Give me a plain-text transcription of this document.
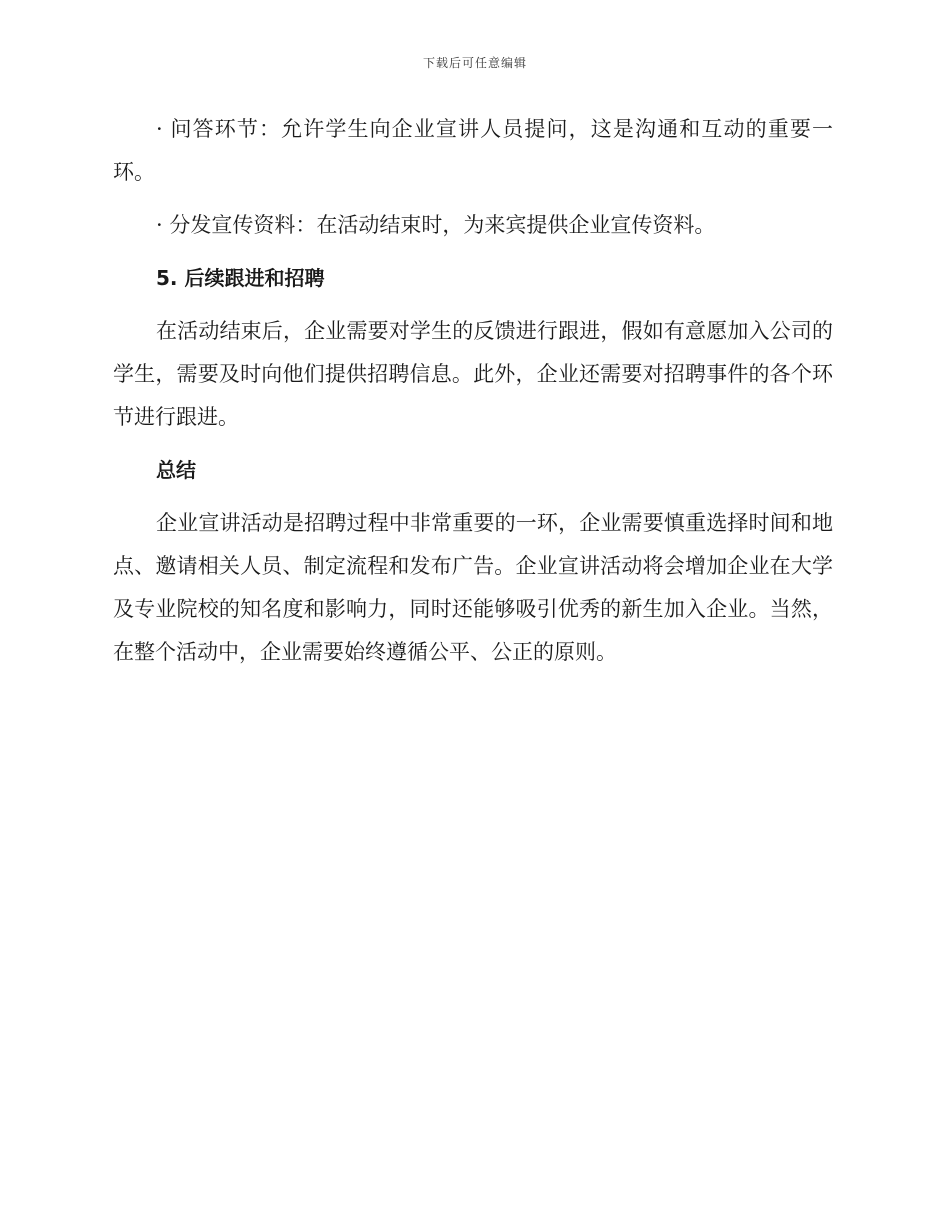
下载后可任意编辑

· 问答环节：允许学生向企业宣讲人员提问，这是沟通和互动的重要一环。

· 分发宣传资料：在活动结束时，为来宾提供企业宣传资料。

5. 后续跟进和招聘

在活动结束后，企业需要对学生的反馈进行跟进，假如有意愿加入公司的学生，需要及时向他们提供招聘信息。此外，企业还需要对招聘事件的各个环节进行跟进。

总结

企业宣讲活动是招聘过程中非常重要的一环，企业需要慎重选择时间和地点、邀请相关人员、制定流程和发布广告。企业宣讲活动将会增加企业在大学及专业院校的知名度和影响力，同时还能够吸引优秀的新生加入企业。当然，在整个活动中，企业需要始终遵循公平、公正的原则。
